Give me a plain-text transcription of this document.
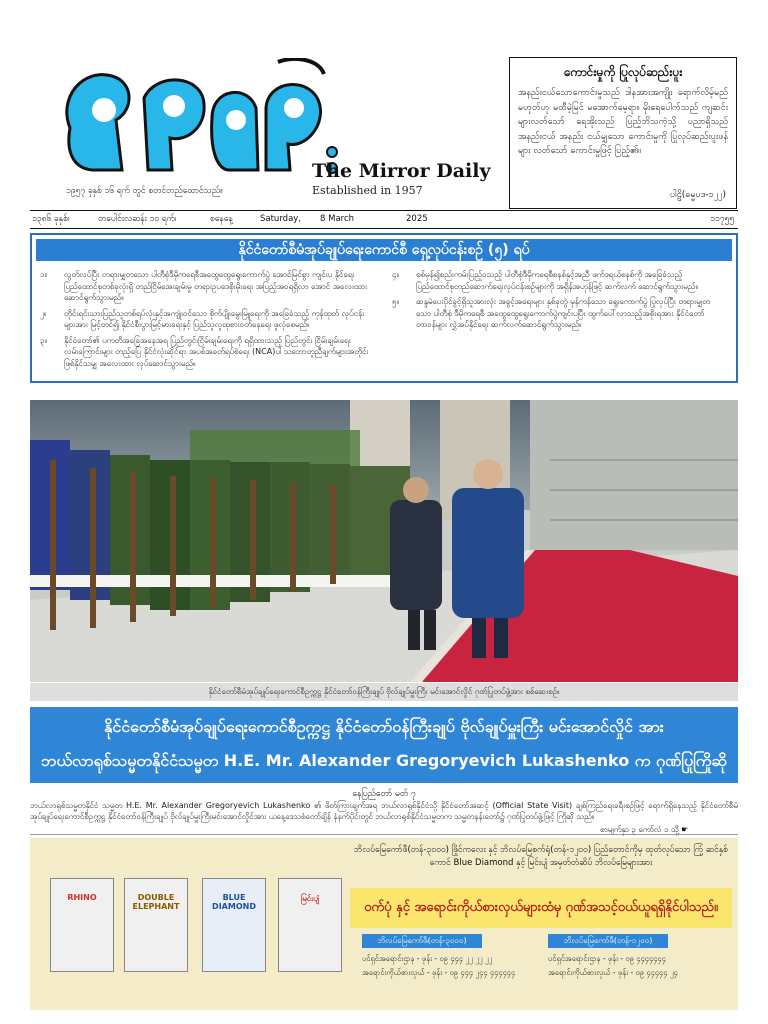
The Mirror Daily
Established in 1957
၁၉၅၇ ခုနှစ် ၁၆ ရက် တွင် စတင်တည်ထောင်သည်။
ကောင်းမှုကို ပြုလုပ်ဆည်းပူး
အနည်းငယ်သောကောင်းမှုသည် ဒါနအားအကျိုး ရောက်လိမ့်မည်မဟုတ်ဟု မထီမဲ့မြင် မအောက်မေ့ရာ။ မိုးရေပေါက်သည် ကျဆင်းများလတ်သော် ရေအိုးသည် ပြည့်ဘိသကဲ့သို့ ပညာရှိသည် အနည်းငယ် အနည်း ငယ်မျှသော ကောင်းမှုကို ပြုလုပ်ဆည်းပူးဖန်များ လတ်သော် ကောင်းမှုဖြင့် ပြည့်၏။
ပါဠိ(ဓမ္မပဒ-၁၂၂)
၁၃၈၆ ခုနှစ်၊	တပေါင်းလဆန်း ၁၀ ရက်၊	စနေနေ့	Saturday, 8 March	2025	၁၁၇၅၅
နိုင်ငံတော်စီမံအုပ်ချုပ်ရေးကောင်စီ ရှေ့လုပ်ငန်းစဉ် (၅) ရပ်
၁။ လွတ်လပ်ပြီး တရားမျှတသော ပါတီစုံဒီမိုကရေစီအထွေထွေရွေးကောက်ပွဲ အောင်မြင်စွာ ကျင်းပ နိုင်ရေး ပြည်ထောင်စုတစ်ခုလုံးရှိ တည်ငြိမ်အေးချမ်းမှု တရားဥပဒေစိုးမိုးရေး အပြည့်အဝရရှိလာ အောင် အလေးထားဆောင်ရွက်သွားမည်။
၂။ တိုင်းရင်းသားပြည်သူတစ်ရပ်လုံးနှင့်အကျုံးဝင်သော စိုက်ပျိုးမွေးမြူရေးကို အခြေခံသည့် ကုန်ထုတ် လုပ်ငန်းများအား မြင့်တင်၍ နိုင်ငံစီးပွားမြင့်မားရေးနှင့် ပြည်သူလူထုစားဝတ်နေရေး ဖူလုံစေမည်။
၃။ နိုင်ငံတော်၏ ပကတိအခြေအနေအရ ပြည်တွင်းငြိမ်းချမ်းရေးကို ရရှိထားသည့် ပြည်တွင်း ငြိမ်းချမ်းရေးလမ်းကြောင်းများ တည့်ပြေ နိုင်ငံလုံးဆိုင်ရာ အပစ်အခတ်ရပ်စဲရေး (NCA)ပါ သဘောတူညီချက်များအတိုင်း ဖြစ်နိုင်သမျှ အလေးထား လုပ်ဆောင်သွားမည်။
၄။ စစ်မှန်၍စည်းကမ်းပြည့်ဝသည့် ပါတီစုံဒီမိုကရေစီစနစ်နှင့်အညီ ဖက်ဒရယ်စနစ်ကို အခြေခံသည့် ပြည်ထောင်စုတည်ဆောက်ရေးလုပ်ငန်းစဉ်များကို အရှိန်အဟုန်ဖြင့် ဆက်လက် ဆောင်ရွက်သွားမည်။
၅။ ဆန္ဒမဲပေးပိုင်ခွင့်ရှိသူအားလုံး အခွင့်အရေးများ နှစ်ခုတွဲ မှန်ကန်သော ရွေးကောက်ပွဲ ပြုလုပ်ပြီး တရားမျှတသော ပါတီစုံ ဒီမိုကရေစီ အထွေထွေရွေးကောက်ပွဲကျင်းပပြီး ထွက်ပေါ်လာသည့်အစိုးရအား နိုင်ငံတော်တာဝန်များ လွှဲအပ်နိုင်ရေး ဆက်လက်ဆောင်ရွက်သွားမည်။
နိုင်ငံတော်စီမံအုပ်ချုပ်ရေးကောင်စီဥက္ကဋ္ဌ နိုင်ငံတော်ဝန်ကြီးချုပ် ဗိုလ်ချုပ်မှူးကြီး မင်းအောင်လှိုင် ဂုဏ်ပြုတပ်ဖွဲ့အား စစ်ဆေးစဉ်။
နိုင်ငံတော်စီမံအုပ်ချုပ်ရေးကောင်စီဥက္ကဋ္ဌ နိုင်ငံတော်ဝန်ကြီးချုပ် ဗိုလ်ချုပ်မှူးကြီး မင်းအောင်လှိုင် အား
ဘယ်လာရုစ်သမ္မတနိုင်ငံသမ္မတ H.E. Mr. Alexander Gregoryevich Lukashenko က ဂုဏ်ပြုကြိုဆို
နေပြည်တော် မတ် ၇
ဘယ်လာရုစ်သမ္မတနိုင်ငံ သမ္မတ H.E. Mr. Alexander Gregoryevich Lukashenko ၏ ဖိတ်ကြားချက်အရ ဘယ်လာရုစ်နိုင်ငံသို့ နိုင်ငံတော်အဆင့် (Official State Visit) ချစ်ကြည်ရေးခရီးစဉ်ဖြင့် ရောက်ရှိနေသည့် နိုင်ငံတော်စီမံအုပ်ချုပ်ရေးကောင်စီဥက္ကဋ္ဌ နိုင်ငံတော်ဝန်ကြီးချုပ် ဗိုလ်ချုပ်မှူးကြီးမင်းအောင်လှိုင်အား ယနေ့ဒေသစံတော်ချိန် နံနက်ပိုင်းတွင် ဘယ်လာရုစ်နိုင်ငံသမ္မတက သမ္မတနန်းတော်၌ ဂုဏ်ပြုတပ်ဖွဲ့ဖြင့် ကြိုဆို သည်။
စာမျက်နှာ ၃ ကော်လံ ၁ သို့ ☛
RHINO	DOUBLE ELEPHANT
BLUE DIAMOND
မြင်းပျံ
ဘိလပ်မြေကော်ဖီ(တန်-၃၀၀၀) ဖြိုင်ကလေး နှင့် ဘိလပ်မြေစက်ရုံ(တန်-၁၂၀၀) ပြည်တောင်ကိုမှ ထုတ်လုပ်သော ကြံ့ ဆင်နှစ်ကောင် Blue Diamond နှင့် မြင်းပျံ အမှတ်တံဆိပ် ဘိလပ်မြေများအား
ဝက်ပုံ နှင့် အရောင်းကိုယ်စားလှယ်များထံမှ ဂုဏ်အသင့်ဝယ်ယူရရှိနိုင်ပါသည်။
ဘိလပ်မြေကော်ဖီ(တန်-၃၀၀၀)	ဘိလပ်မြေကော်ဖီ(တန်-၁၂၀၀)
ပင်ရှင်အရောင်းဌာန - ဖုန်း - ၀၉ ၄၄၄ ၂၂ ၂၂ ၂၂
အရောင်းကိုယ်စားလှယ် - ဖုန်း - ၀၉ ၄၄၄ ၂၄၄ ၄၄၄၄၄၄
ပင်ရှင်အရောင်းဌာန - ဖုန်း - ၀၉ ၄၄၄၄၄၄၄
အရောင်းကိုယ်စားလှယ် - ဖုန်း - ၀၉ ၄၄၄၄၄ ၂၄
